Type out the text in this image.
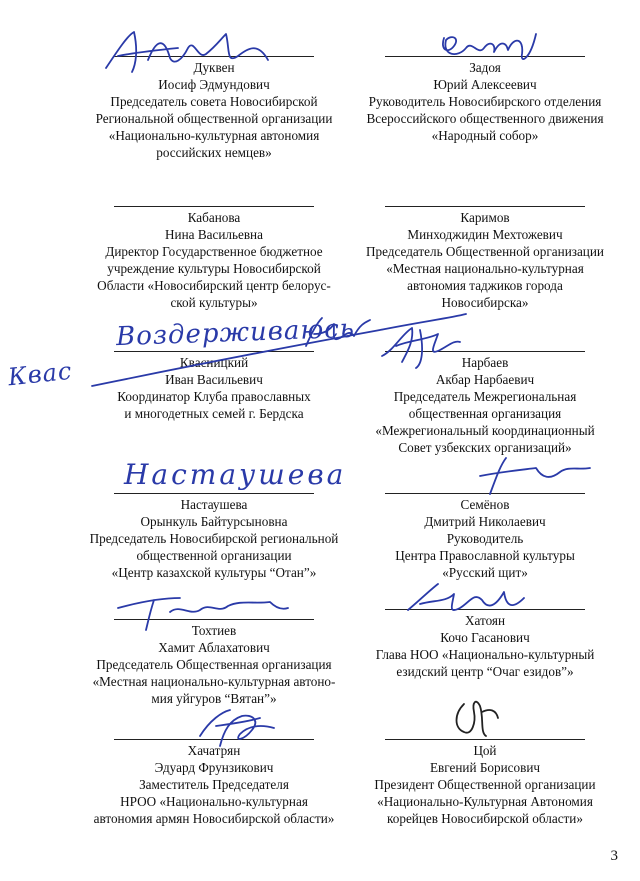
Дуквен
Иосиф Эдмундович
Председатель совета Новосибирской
Региональной общественной организации
«Национально-культурная автономия
российских немцев»
Задоя
Юрий Алексеевич
Руководитель Новосибирского отделения
Всероссийского общественного движения
«Народный собор»
Кабанова
Нина Васильевна
Директор Государственное бюджетное
учреждение культуры Новосибирской
Области «Новосибирский центр белорус-
ской культуры»
Каримов
Минходжидин Мехтожевич
Председатель Общественной организации
«Местная национально-культурная
автономия таджиков города
Новосибирска»
Квасницкий
Иван Васильевич
Координатор Клуба православных
и многодетных семей г. Бердска
Нарбаев
Акбар Нарбаевич
Председатель Межрегиональная
общественная организация
«Межрегиональный координационный
Совет узбекских организаций»
Настаушева
Орынкуль Байтурсыновна
Председатель Новосибирской региональной
общественной организации
«Центр казахской культуры “Отан”»
Семёнов
Дмитрий Николаевич
Руководитель
Центра Православной культуры
«Русский щит»
Тохтиев
Хамит Аблахатович
Председатель Общественная организация
«Местная национально-культурная автоно-
мия уйгуров “Вятан”»
Хатоян
Кочо Гасанович
Глава НОО «Национально-культурный
езидский центр “Очаг езидов”»
Хачатрян
Эдуард Фрунзикович
Заместитель Председателя
НРОО «Национально-культурная
автономия армян Новосибирской области»
Цой
Евгений Борисович
Президент Общественной организации
«Национально-Культурная Автономия
корейцев Новосибирской области»
Воздерживаюсь
Квас
Настаушева
3
